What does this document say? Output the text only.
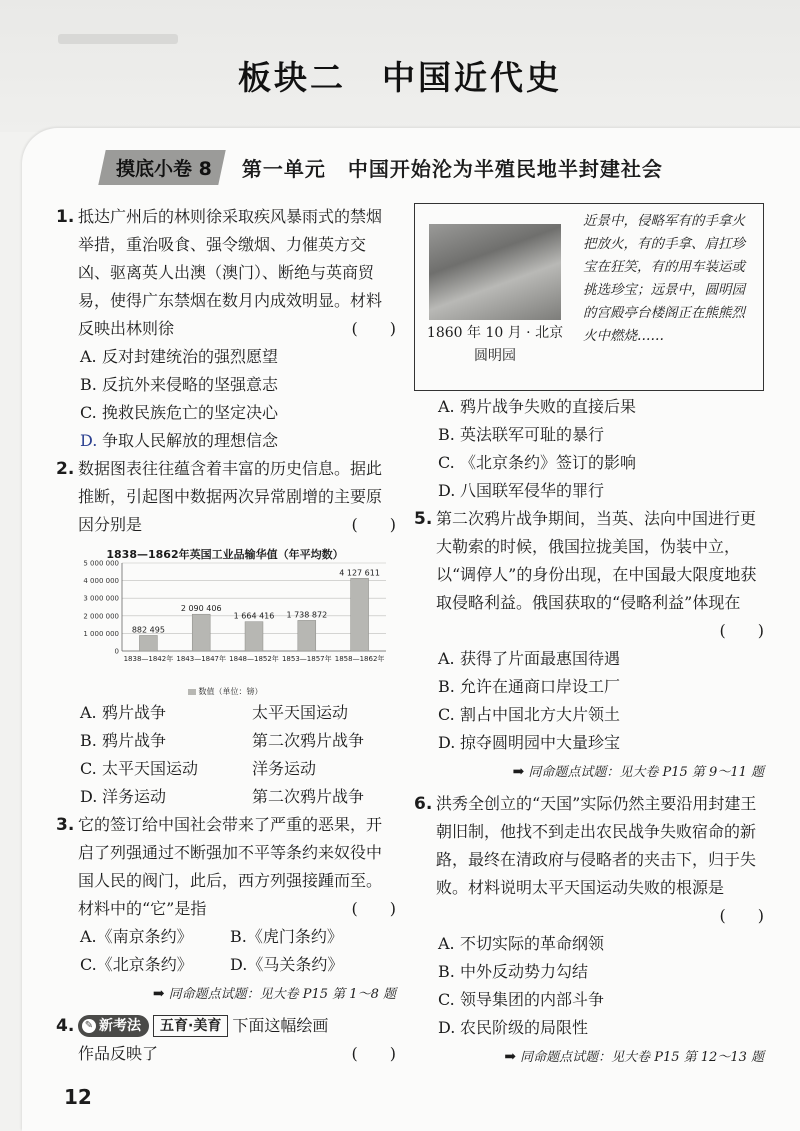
板块二　中国近代史
摸底小卷 8	第一单元 中国开始沦为半殖民地半封建社会
1. 抵达广州后的林则徐采取疾风暴雨式的禁烟举措，重治吸食、强令缴烟、力催英方交凶、驱离英人出澳（澳门）、断绝与英商贸易，使得广东禁烟在数月内成效明显。材料反映出林则徐	(　　)
A. 反对封建统治的强烈愿望
B. 反抗外来侵略的坚强意志
C. 挽救民族危亡的坚定决心
D. 争取人民解放的理想信念
2. 数据图表往往蕴含着丰富的历史信息。据此推断，引起图中数据两次异常剧增的主要原因分别是	(　　)
1838—1862年英国工业品输华值（年平均数）
0
1 000 000
2 000 000
3 000 000
4 000 000
5 000 000
882 495
1838—1842年
2 090 406
1843—1847年
1 664 416
1848—1852年
1 738 872
1853—1857年
4 127 611
1858—1862年
数值（单位：镑）
A. 鸦片战争	太平天国运动
B. 鸦片战争	第二次鸦片战争
C. 太平天国运动	洋务运动
D. 洋务运动	第二次鸦片战争
3. 它的签订给中国社会带来了严重的恶果，开启了列强通过不断强加不平等条约来奴役中国人民的阀门，此后，西方列强接踵而至。材料中的“它”是指	(　　)
A.《南京条约》	B.《虎门条约》
C.《北京条约》	D.《马关条约》
➡ 同命题点试题：见大卷 P15 第 1～8 题
4.	✎ 新考法	五育·美育 下面这幅绘画
作品反映了	(　　)
1860 年 10 月 · 北京
圆明园
近景中，侵略军有的手拿火把放火，有的手拿、肩扛珍宝在狂笑，有的用车装运或挑选珍宝；远景中，圆明园的宫殿亭台楼阁正在熊熊烈火中燃烧……
A. 鸦片战争失败的直接后果
B. 英法联军可耻的暴行
C. 《北京条约》签订的影响
D. 八国联军侵华的罪行
5. 第二次鸦片战争期间，当英、法向中国进行更大勒索的时候，俄国拉拢美国，伪装中立，以“调停人”的身份出现，在中国最大限度地获取侵略利益。俄国获取的“侵略利益”体现在
(　　)
A. 获得了片面最惠国待遇
B. 允许在通商口岸设工厂
C. 割占中国北方大片领土
D. 掠夺圆明园中大量珍宝
➡ 同命题点试题：见大卷 P15 第 9～11 题
6. 洪秀全创立的“天国”实际仍然主要沿用封建王朝旧制，他找不到走出农民战争失败宿命的新路，最终在清政府与侵略者的夹击下，归于失败。材料说明太平天国运动失败的根源是
(　　)
A. 不切实际的革命纲领
B. 中外反动势力勾结
C. 领导集团的内部斗争
D. 农民阶级的局限性
➡ 同命题点试题：见大卷 P15 第 12～13 题
12
